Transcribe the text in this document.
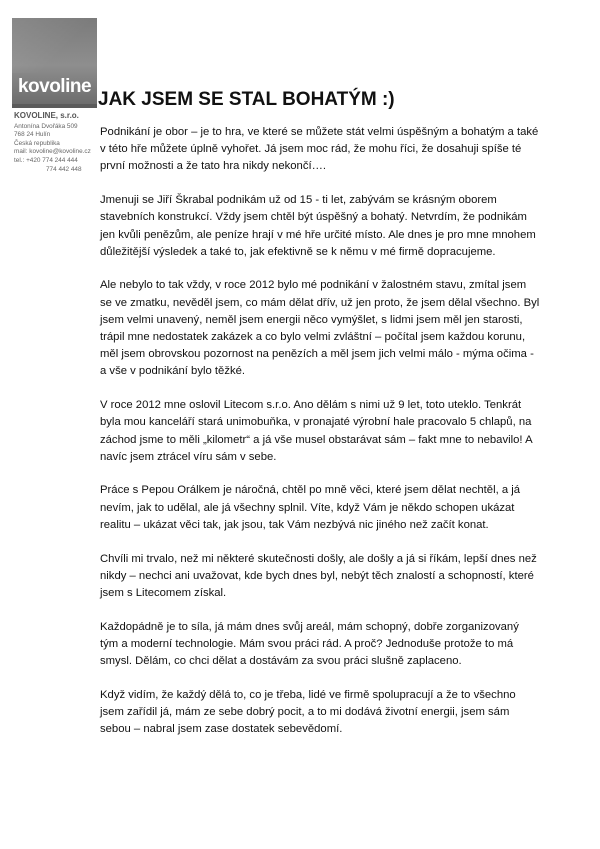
kovoline
KOVOLINE, s.r.o.
Antonína Dvořáka 509
768 24 Hulín
Česká republika
mail: kovoline@kovoline.cz
tel.: +420 774 244 444
774 442 448
JAK JSEM SE STAL BOHATÝM :)

Podnikání je obor – je to hra, ve které se můžete stát velmi úspěšným a bohatým a také v této hře můžete úplně vyhořet. Já jsem moc rád, že mohu říci, že dosahuji spíše té první možnosti a že tato hra nikdy nekončí….

Jmenuji se Jiří Škrabal podnikám už od 15 - ti let, zabývám se krásným oborem stavebních konstrukcí. Vždy jsem chtěl být úspěšný a bohatý. Netvrdím, že podnikám jen kvůli penězům, ale peníze hrají v mé hře určité místo. Ale dnes je pro mne mnohem důležitější výsledek a také to, jak efektivně se k němu v mé firmě dopracujeme.

Ale nebylo to tak vždy, v roce 2012 bylo mé podnikání v žalostném stavu, zmítal jsem se ve zmatku, nevěděl jsem, co mám dělat dřív, už jen proto, že jsem dělal všechno. Byl jsem velmi unavený, neměl jsem energii něco vymýšlet, s lidmi jsem měl jen starosti, trápil mne nedostatek zakázek a co bylo velmi zvláštní – počítal jsem každou korunu, měl jsem obrovskou pozornost na penězích a měl jsem jich velmi málo - mýma očima - a vše v podnikání bylo těžké.

V roce 2012 mne oslovil Litecom s.r.o. Ano dělám s nimi už 9 let, toto uteklo. Tenkrát byla mou kanceláří stará unimobuňka, v pronajaté výrobní hale pracovalo 5 chlapů, na záchod jsme to měli „kilometr“ a já vše musel obstarávat sám – fakt mne to nebavilo! A navíc jsem ztrácel víru sám v sebe.

Práce s Pepou Orálkem je náročná, chtěl po mně věci, které jsem dělat nechtěl, a já nevím, jak to udělal, ale já všechny splnil. Víte, když Vám je někdo schopen ukázat realitu – ukázat věci tak, jak jsou, tak Vám nezbývá nic jiného než začít konat.

Chvíli mi trvalo, než mi některé skutečnosti došly, ale došly a já si říkám, lepší dnes než nikdy – nechci ani uvažovat, kde bych dnes byl, nebýt těch znalostí a schopností, které jsem s Litecomem získal.

Každopádně je to síla, já mám dnes svůj areál, mám schopný, dobře zorganizovaný tým a moderní technologie. Mám svou práci rád. A proč? Jednoduše protože to má smysl. Dělám, co chci dělat a dostávám za svou práci slušně zaplaceno.

Když vidím, že každý dělá to, co je třeba, lidé ve firmě spolupracují a že to všechno jsem zařídil já, mám ze sebe dobrý pocit, a to mi dodává životní energii, jsem sám sebou – nabral jsem zase dostatek sebevědomí.
